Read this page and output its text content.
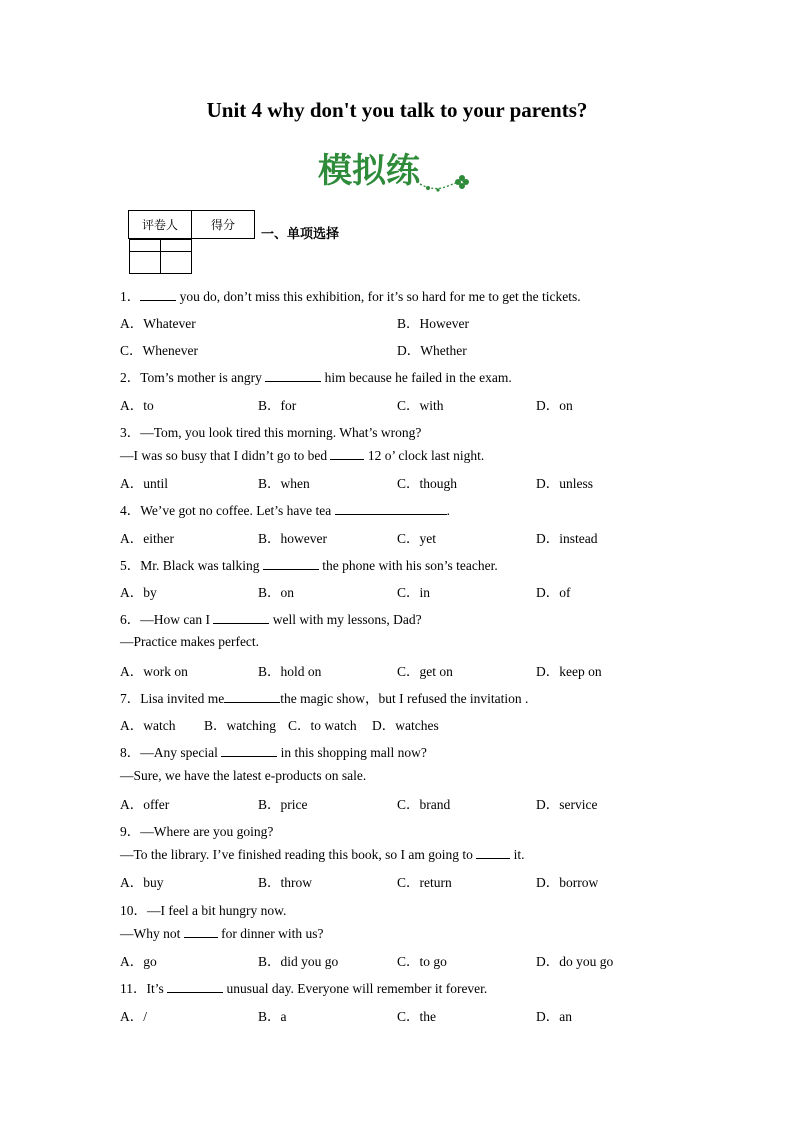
Unit 4 why don't you talk to your parents?
模拟练
评卷人	得分

一、单项选择
1．	you do, don’t miss this exhibition, for it’s so hard for me to get the tickets.
A．Whatever	B．However
C．Whenever	D．Whether
2．Tom’s mother is angry	him because he failed in the exam.
A．to	B．for	C．with	D．on
3．—Tom, you look tired this morning. What’s wrong?
—I was so busy that I didn’t go to bed	12 o’ clock last night.
A．until	B．when	C．though	D．unless
4．We’ve got no coffee. Let’s have tea	.
A．either	B．however	C．yet	D．instead
5．Mr. Black was talking	the phone with his son’s teacher.
A．by	B．on	C．in	D．of
6．—How can I	well with my lessons, Dad?
—Practice makes perfect.
A．work on	B．hold on	C．get on	D．keep on
7．Lisa invited me	the magic show，but I refused the invitation .
A．watch B．watching C．to watch D．watches
8．—Any special	in this shopping mall now?
—Sure, we have the latest e-products on sale.
A．offer	B．price	C．brand	D．service
9．—Where are you going?
—To the library. I’ve finished reading this book, so I am going to	it.
A．buy	B．throw	C．return	D．borrow
10．—I feel a bit hungry now.
—Why not	for dinner with us?
A．go	B．did you go	C．to go	D．do you go
11．It’s	unusual day. Everyone will remember it forever.
A．/	B．a	C．the	D．an
